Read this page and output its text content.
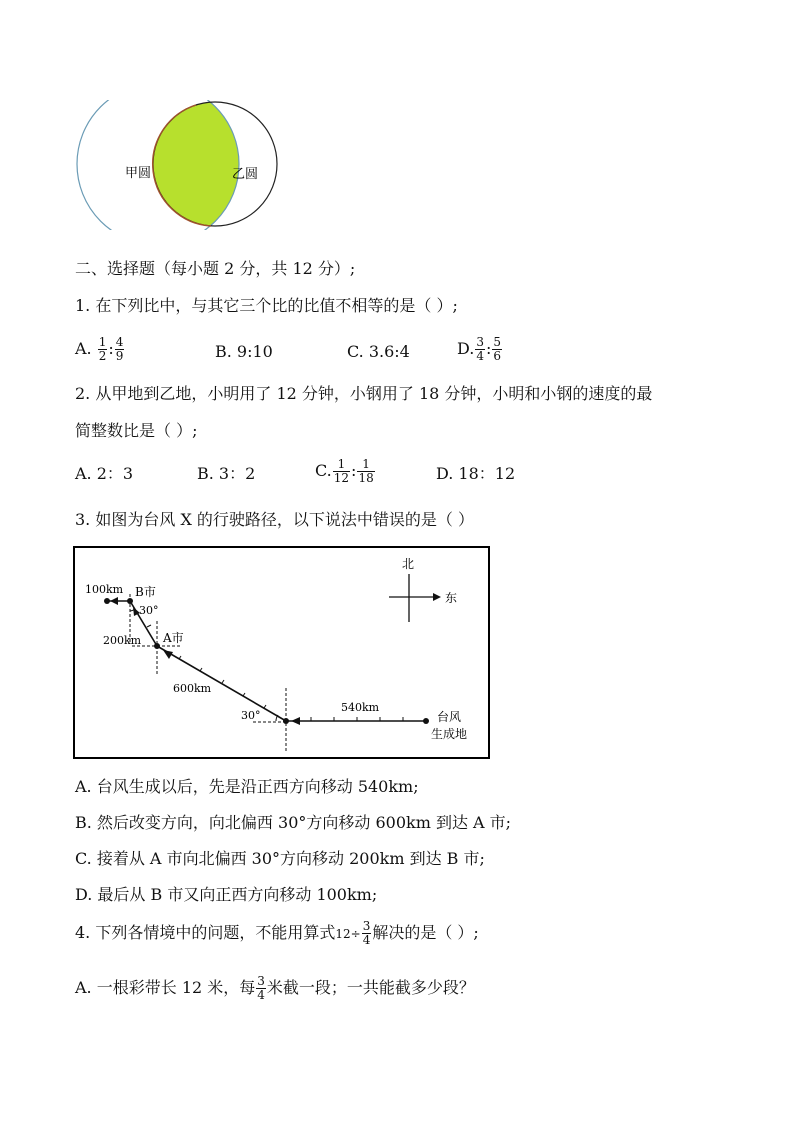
甲圆	乙圆
二、选择题（每小题 2 分，共 12 分）;
1. 在下列比中，与其它三个比的比值不相等的是（ ）;
A. $\frac{1}{2}$ : $\frac{4}{9}$	B. 9:10	C. 3.6:4	D. $\frac{3}{4}$ : $\frac{5}{6}$
2. 从甲地到乙地，小明用了 12 分钟，小钢用了 18 分钟，小明和小钢的速度的最
简整数比是（ ）;
A. 2：3	B. 3：2	C. $\frac{1}{12}$ : $\frac{1}{18}$	D. 18：12
3. 如图为台风 X 的行驶路径，以下说法中错误的是（ ）
北
东
100km B市
30°
200km A市
600km
30°
540km
台风
生成地
A. 台风生成以后，先是沿正西方向移动 540km;
B. 然后改变方向，向北偏西 30°方向移动 600km 到达 A 市;
C. 接着从 A 市向北偏西 30°方向移动 200km 到达 B 市;
D. 最后从 B 市又向正西方向移动 100km;
4. 下列各情境中的问题，不能用算式$12\div \frac{3}{4}$ 解决的是（ ）;
A. 一根彩带长 12 米，每 $\frac{3}{4}$ 米截一段；一共能截多少段？
